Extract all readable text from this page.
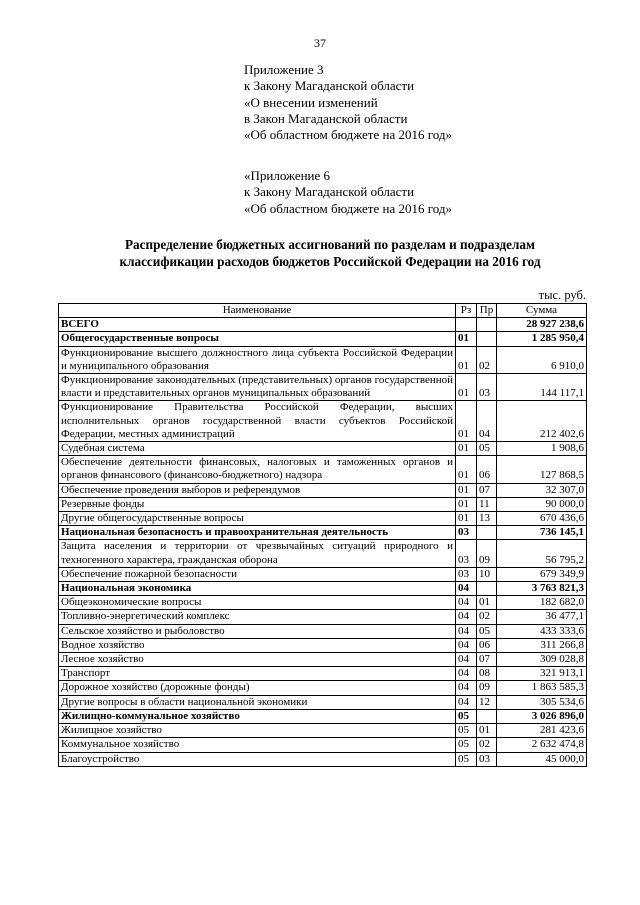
37
Приложение 3
к Закону Магаданской области
«О внесении изменений
в Закон Магаданской области
«Об областном бюджете на 2016 год»
«Приложение 6
к Закону Магаданской области
«Об областном бюджете на 2016 год»
Распределение бюджетных ассигнований по разделам и подразделам
классификации расходов бюджетов Российской Федерации на 2016 год
тыс. руб.
Наименование	Рз	Пр	Сумма
ВСЕГО			28 927 238,6
Общегосударственные вопросы	01		1 285 950,4
Функционирование высшего должностного лица субъекта Российской Федерации и муниципального образования	01	02	6 910,0
Функционирование законодательных (представительных) органов государственной власти и представительных органов муниципальных образований	01	03	144 117,1
Функционирование Правительства Российской Федерации, высших исполнительных органов государственной власти субъектов Российской Федерации, местных администраций	01	04	212 402,6
Судебная система	01	05	1 908,6
Обеспечение деятельности финансовых, налоговых и таможенных органов и органов финансового (финансово-бюджетного) надзора	01	06	127 868,5
Обеспечение проведения выборов и референдумов	01	07	32 307,0
Резервные фонды	01	11	90 000,0
Другие общегосударственные вопросы	01	13	670 436,6
Национальная безопасность и правоохранительная деятельность	03		736 145,1
Защита населения и территории от чрезвычайных ситуаций природного и техногенного характера, гражданская оборона	03	09	56 795,2
Обеспечение пожарной безопасности	03	10	679 349,9
Национальная экономика	04		3 763 821,3
Общеэкономические вопросы	04	01	182 682,0
Топливно-энергетический комплекс	04	02	36 477,1
Сельское хозяйство и рыболовство	04	05	433 333,6
Водное хозяйство	04	06	311 266,8
Лесное хозяйство	04	07	309 028,8
Транспорт	04	08	321 913,1
Дорожное хозяйство (дорожные фонды)	04	09	1 863 585,3
Другие вопросы в области национальной экономики	04	12	305 534,6
Жилищно-коммунальное хозяйство	05		3 026 896,0
Жилищное хозяйство	05	01	281 423,6
Коммунальное хозяйство	05	02	2 632 474,8
Благоустройство	05	03	45 000,0
